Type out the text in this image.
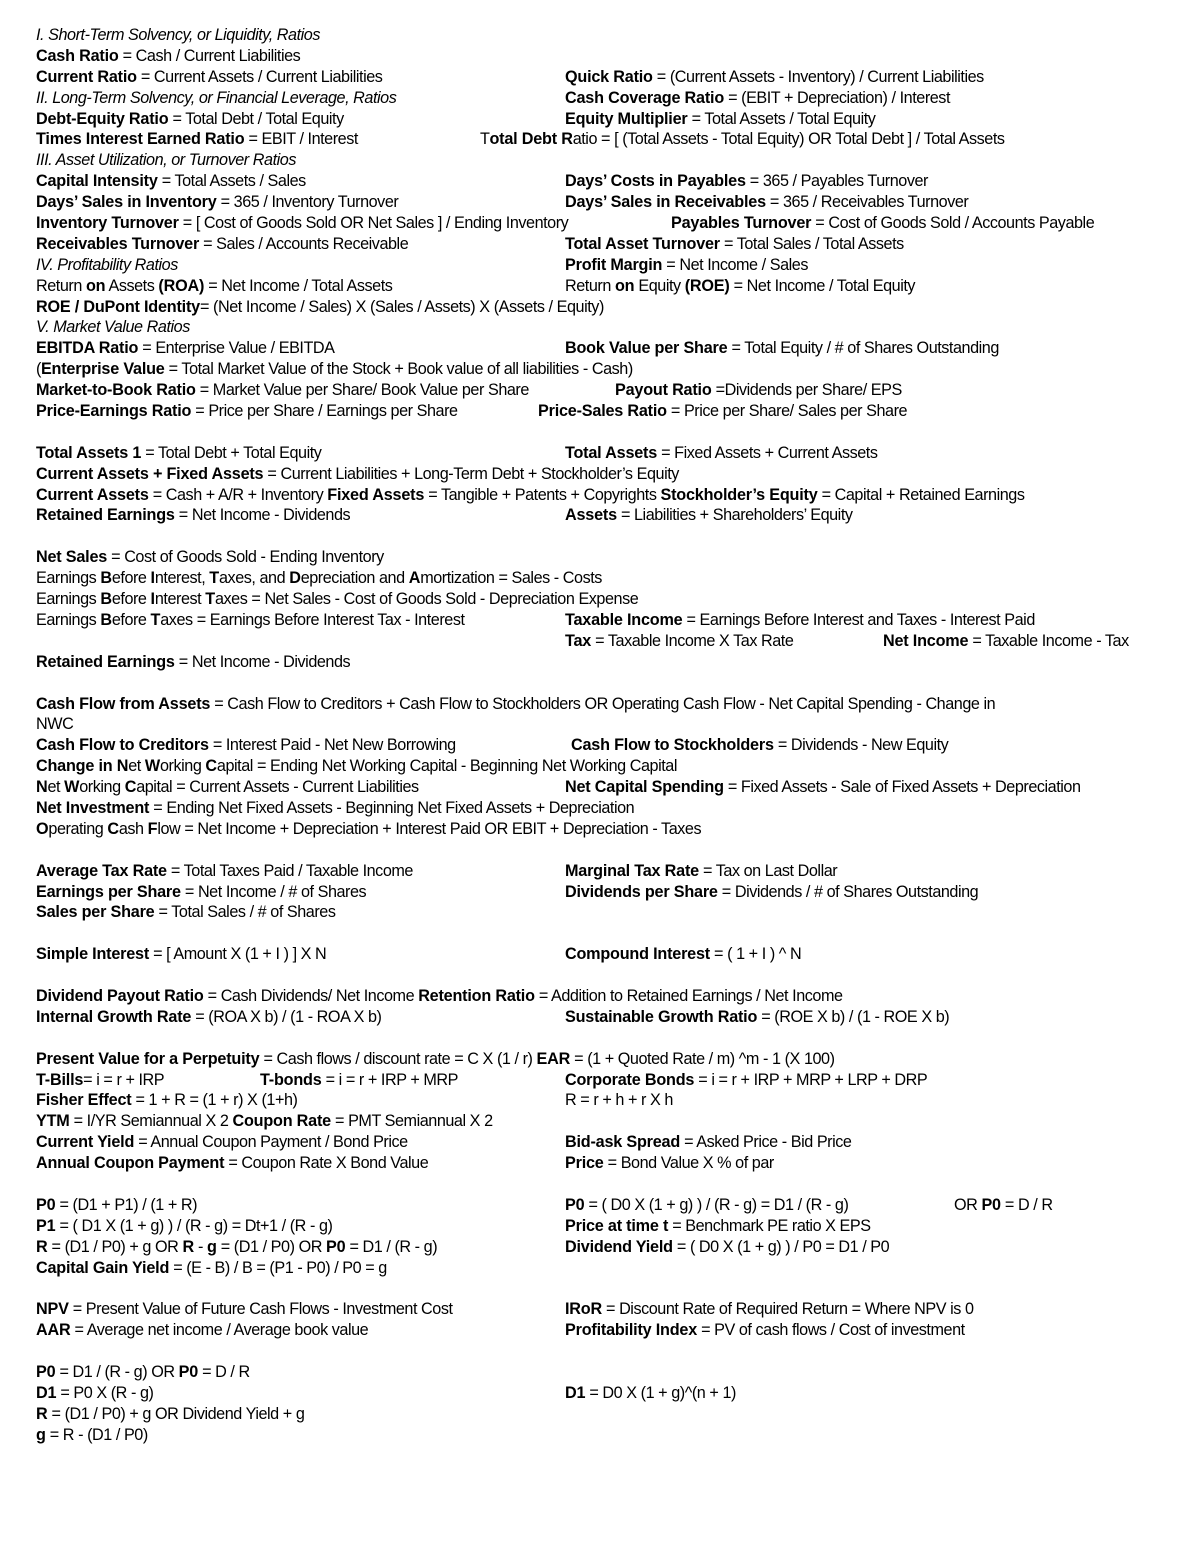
I. Short-Term Solvency, or Liquidity, Ratios
Cash Ratio = Cash / Current Liabilities
Current Ratio = Current Assets / Current Liabilities	Quick Ratio = (Current Assets - Inventory) / Current Liabilities
II. Long-Term Solvency, or Financial Leverage, Ratios	Cash Coverage Ratio = (EBIT + Depreciation) / Interest
Debt-Equity Ratio = Total Debt / Total Equity	Equity Multiplier = Total Assets / Total Equity
Times Interest Earned Ratio = EBIT / Interest	Total Debt Ratio = [ (Total Assets - Total Equity) OR Total Debt ] / Total Assets
III. Asset Utilization, or Turnover Ratios
Capital Intensity = Total Assets / Sales	Days’ Costs in Payables = 365 / Payables Turnover
Days’ Sales in Inventory = 365 / Inventory Turnover	Days’ Sales in Receivables = 365 / Receivables Turnover
Inventory Turnover = [ Cost of Goods Sold OR Net Sales ] / Ending Inventory	Payables Turnover = Cost of Goods Sold / Accounts Payable
Receivables Turnover = Sales / Accounts Receivable	Total Asset Turnover = Total Sales / Total Assets
IV. Profitability Ratios	Profit Margin = Net Income / Sales
Return on Assets (ROA) = Net Income / Total Assets	Return on Equity (ROE) = Net Income / Total Equity
ROE / DuPont Identity= (Net Income / Sales) X (Sales / Assets) X (Assets / Equity)
V. Market Value Ratios
EBITDA Ratio = Enterprise Value / EBITDA	Book Value per Share = Total Equity / # of Shares Outstanding
(Enterprise Value = Total Market Value of the Stock + Book value of all liabilities - Cash)
Market-to-Book Ratio = Market Value per Share/ Book Value per Share	Payout Ratio =Dividends per Share/ EPS
Price-Earnings Ratio = Price per Share / Earnings per Share	Price-Sales Ratio = Price per Share/ Sales per Share
Total Assets 1 = Total Debt + Total Equity	Total Assets = Fixed Assets + Current Assets
Current Assets + Fixed Assets = Current Liabilities + Long-Term Debt + Stockholder’s Equity
Current Assets = Cash + A/R + Inventory Fixed Assets = Tangible + Patents + Copyrights Stockholder’s Equity = Capital + Retained Earnings
Retained Earnings = Net Income - Dividends	Assets = Liabilities + Shareholders’ Equity
Net Sales = Cost of Goods Sold - Ending Inventory
Earnings Before Interest, Taxes, and Depreciation and Amortization = Sales - Costs
Earnings Before Interest Taxes = Net Sales - Cost of Goods Sold - Depreciation Expense
Earnings Before Taxes = Earnings Before Interest Tax - Interest	Taxable Income = Earnings Before Interest and Taxes - Interest Paid
Tax = Taxable Income X Tax Rate	Net Income = Taxable Income - Tax
Retained Earnings = Net Income - Dividends
Cash Flow from Assets = Cash Flow to Creditors + Cash Flow to Stockholders OR Operating Cash Flow - Net Capital Spending - Change in
NWC
Cash Flow to Creditors = Interest Paid - Net New Borrowing	Cash Flow to Stockholders = Dividends - New Equity
Change in Net Working Capital = Ending Net Working Capital - Beginning Net Working Capital
Net Working Capital = Current Assets - Current Liabilities	Net Capital Spending = Fixed Assets - Sale of Fixed Assets + Depreciation
Net Investment = Ending Net Fixed Assets - Beginning Net Fixed Assets + Depreciation
Operating Cash Flow = Net Income + Depreciation + Interest Paid OR EBIT + Depreciation - Taxes
Average Tax Rate = Total Taxes Paid / Taxable Income	Marginal Tax Rate = Tax on Last Dollar
Earnings per Share = Net Income / # of Shares	Dividends per Share = Dividends / # of Shares Outstanding
Sales per Share = Total Sales / # of Shares
Simple Interest = [ Amount X (1 + I ) ] X N	Compound Interest = ( 1 + I ) ^ N
Dividend Payout Ratio = Cash Dividends/ Net Income Retention Ratio = Addition to Retained Earnings / Net Income
Internal Growth Rate = (ROA X b) / (1 - ROA X b)	Sustainable Growth Ratio = (ROE X b) / (1 - ROE X b)
Present Value for a Perpetuity = Cash flows / discount rate = C X (1 / r) EAR = (1 + Quoted Rate / m) ^m - 1 (X 100)
T-Bills= i = r + IRP	T-bonds = i = r + IRP + MRP	Corporate Bonds = i = r + IRP + MRP + LRP + DRP
Fisher Effect = 1 + R = (1 + r) X (1+h)	R = r + h + r X h
YTM = I/YR Semiannual X 2 Coupon Rate = PMT Semiannual X 2
Current Yield = Annual Coupon Payment / Bond Price	Bid-ask Spread = Asked Price - Bid Price
Annual Coupon Payment = Coupon Rate X Bond Value	Price = Bond Value X % of par
P0 = (D1 + P1) / (1 + R)	P0 = ( D0 X (1 + g) ) / (R - g) = D1 / (R - g)	OR P0 = D / R
P1 = ( D1 X (1 + g) ) / (R - g) = Dt+1 / (R - g)	Price at time t = Benchmark PE ratio X EPS
R = (D1 / P0) + g OR R - g = (D1 / P0) OR P0 = D1 / (R - g)	Dividend Yield = ( D0 X (1 + g) ) / P0 = D1 / P0
Capital Gain Yield = (E - B) / B = (P1 - P0) / P0 = g
NPV = Present Value of Future Cash Flows - Investment Cost	IRoR = Discount Rate of Required Return = Where NPV is 0
AAR = Average net income / Average book value	Profitability Index = PV of cash flows / Cost of investment
P0 = D1 / (R - g) OR P0 = D / R
D1 = P0 X (R - g)	D1 = D0 X (1 + g)^(n + 1)
R = (D1 / P0) + g OR Dividend Yield + g
g = R - (D1 / P0)
